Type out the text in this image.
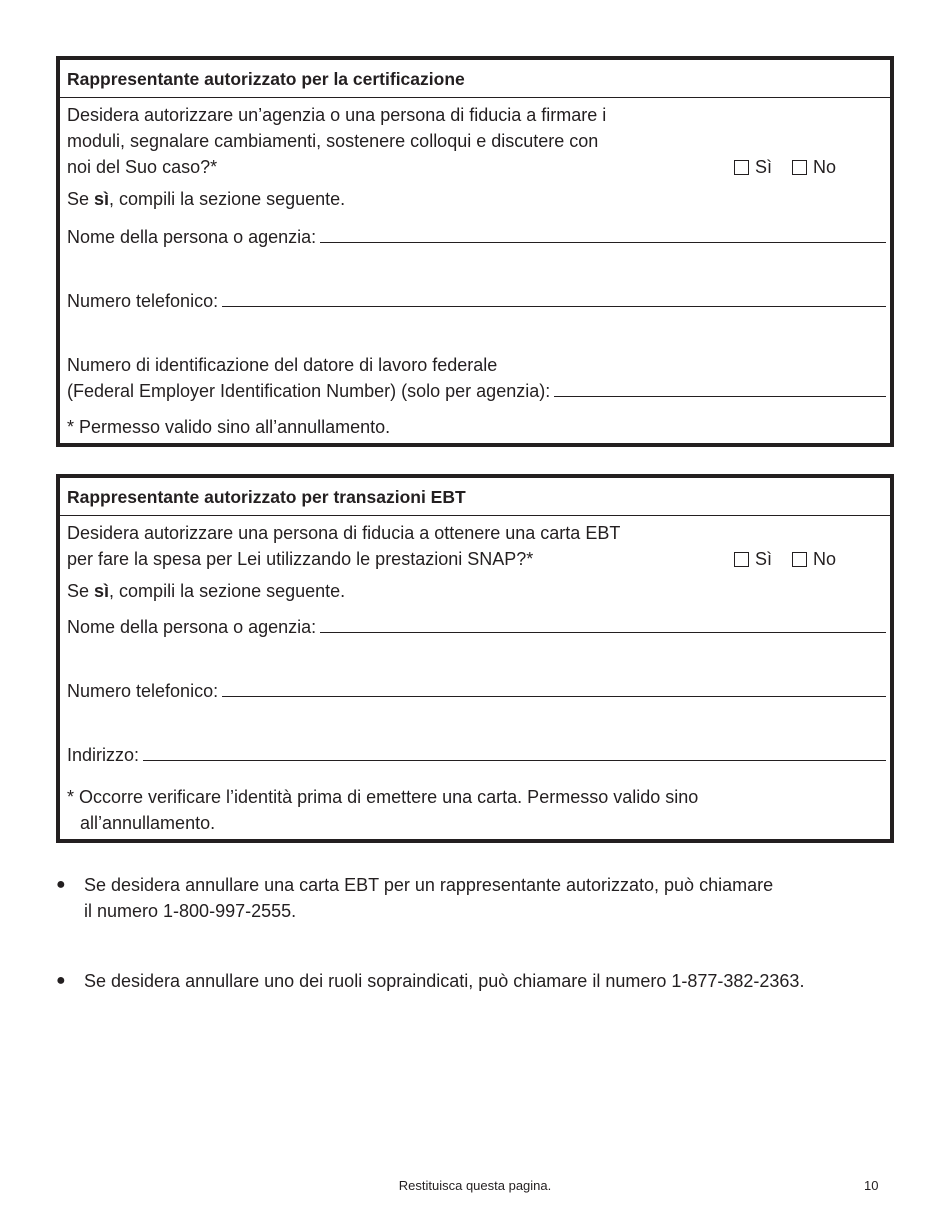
Rappresentante autorizzato per la certificazione
Desidera autorizzare un’agenzia o una persona di fiducia a firmare i
moduli, segnalare cambiamenti, sostenere colloqui e discutere con
noi del Suo caso?*	Sì No
Se sì, compili la sezione seguente.
Nome della persona o agenzia:
Numero telefonico:
Numero di identificazione del datore di lavoro federale
(Federal Employer Identification Number) (solo per agenzia):
* Permesso valido sino all’annullamento.
Rappresentante autorizzato per transazioni EBT
Desidera autorizzare una persona di fiducia a ottenere una carta EBT
per fare la spesa per Lei utilizzando le prestazioni SNAP?*	Sì No
Se sì, compili la sezione seguente.
Nome della persona o agenzia:
Numero telefonico:
Indirizzo:
* Occorre verificare l’identità prima di emettere una carta. Permesso valido sino
all’annullamento.
●	Se desidera annullare una carta EBT per un rappresentante autorizzato, può chiamare
il numero 1-800-997-2555.
●	Se desidera annullare uno dei ruoli sopraindicati, può chiamare il numero 1-877-382-2363.
Restituisca questa pagina.	10
